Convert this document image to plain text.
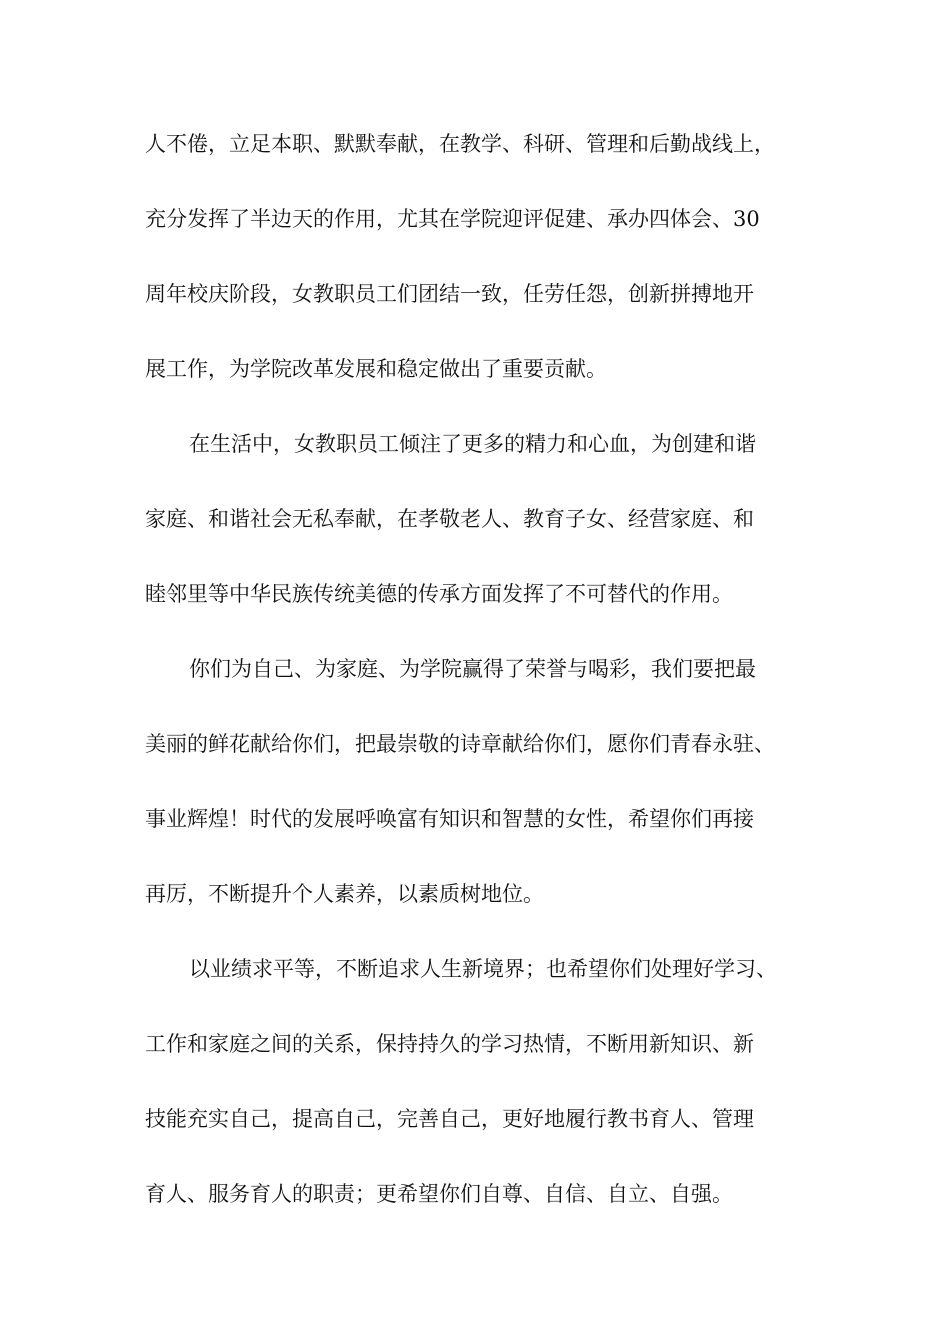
人不倦，立足本职、默默奉献，在教学、科研、管理和后勤战线上，
充分发挥了半边天的作用，尤其在学院迎评促建、承办四体会、30
周年校庆阶段，女教职员工们团结一致，任劳任怨，创新拼搏地开
展工作，为学院改革发展和稳定做出了重要贡献。
在生活中，女教职员工倾注了更多的精力和心血，为创建和谐
家庭、和谐社会无私奉献，在孝敬老人、教育子女、经营家庭、和
睦邻里等中华民族传统美德的传承方面发挥了不可替代的作用。
你们为自己、为家庭、为学院赢得了荣誉与喝彩，我们要把最
美丽的鲜花献给你们，把最崇敬的诗章献给你们，愿你们青春永驻、
事业辉煌！时代的发展呼唤富有知识和智慧的女性，希望你们再接
再厉，不断提升个人素养，以素质树地位。
以业绩求平等，不断追求人生新境界；也希望你们处理好学习、
工作和家庭之间的关系，保持持久的学习热情，不断用新知识、新
技能充实自己，提高自己，完善自己，更好地履行教书育人、管理
育人、服务育人的职责；更希望你们自尊、自信、自立、自强。
